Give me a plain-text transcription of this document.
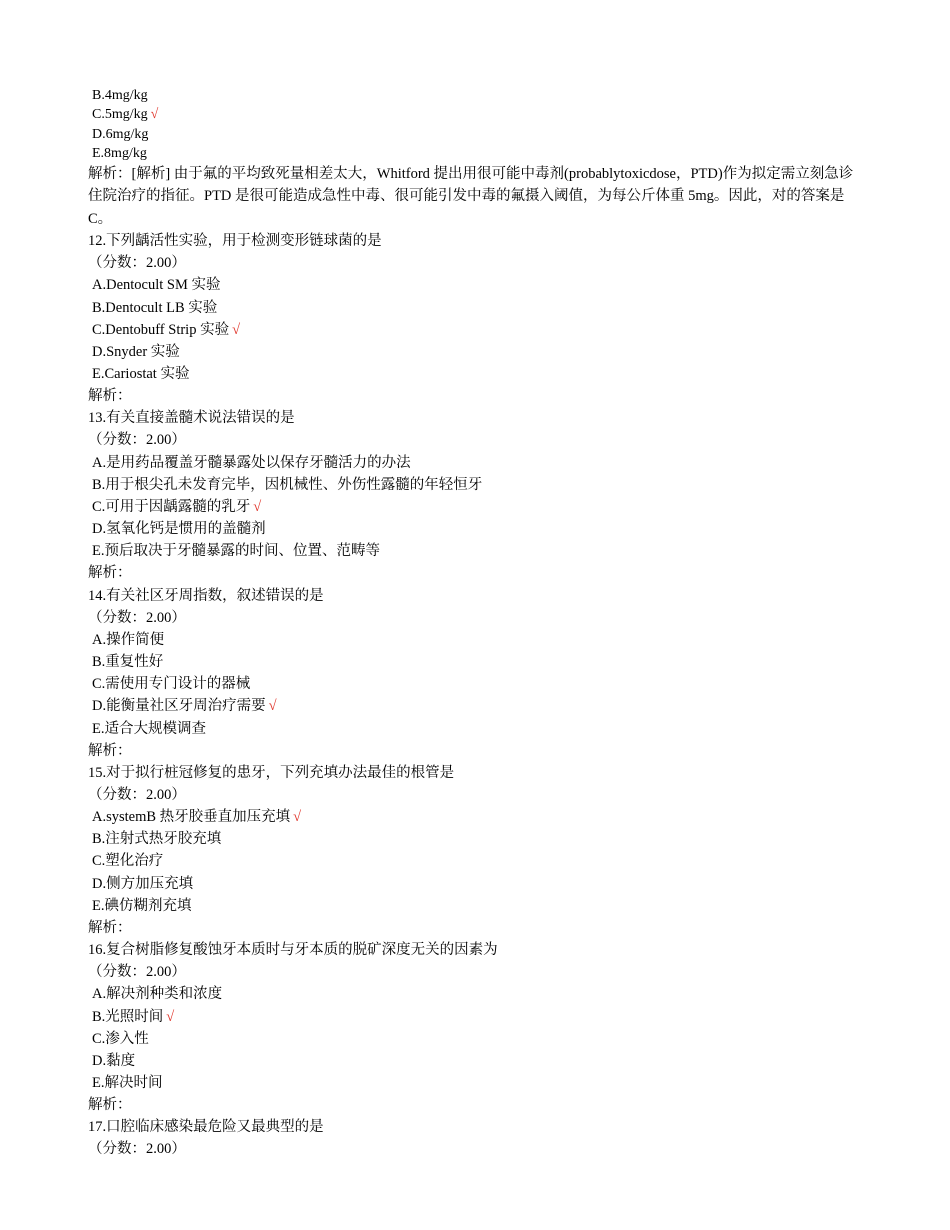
B.4mg/kg
C.5mg/kg √
D.6mg/kg
E.8mg/kg
解析：[解析] 由于氟的平均致死量相差太大，Whitford 提出用很可能中毒剂(probablytoxicdose，PTD)作为拟定需立刻急诊住院治疗的指征。PTD 是很可能造成急性中毒、很可能引发中毒的氟摄入阈值，为每公斤体重 5mg。因此，对的答案是 C。
12.下列龋活性实验，用于检测变形链球菌的是
（分数：2.00）
A.Dentocult SM 实验
B.Dentocult LB 实验
C.Dentobuff Strip 实验 √
D.Snyder 实验
E.Cariostat 实验
解析：
13.有关直接盖髓术说法错误的是
（分数：2.00）
A.是用药品覆盖牙髓暴露处以保存牙髓活力的办法
B.用于根尖孔未发育完毕，因机械性、外伤性露髓的年轻恒牙
C.可用于因龋露髓的乳牙 √
D.氢氧化钙是惯用的盖髓剂
E.预后取决于牙髓暴露的时间、位置、范畴等
解析：
14.有关社区牙周指数，叙述错误的是
（分数：2.00）
A.操作简便
B.重复性好
C.需使用专门设计的器械
D.能衡量社区牙周治疗需要 √
E.适合大规模调查
解析：
15.对于拟行桩冠修复的患牙，下列充填办法最佳的根管是
（分数：2.00）
A.systemB 热牙胶垂直加压充填 √
B.注射式热牙胶充填
C.塑化治疗
D.侧方加压充填
E.碘仿糊剂充填
解析：
16.复合树脂修复酸蚀牙本质时与牙本质的脱矿深度无关的因素为
（分数：2.00）
A.解决剂种类和浓度
B.光照时间 √
C.渗入性
D.黏度
E.解决时间
解析：
17.口腔临床感染最危险又最典型的是
（分数：2.00）
